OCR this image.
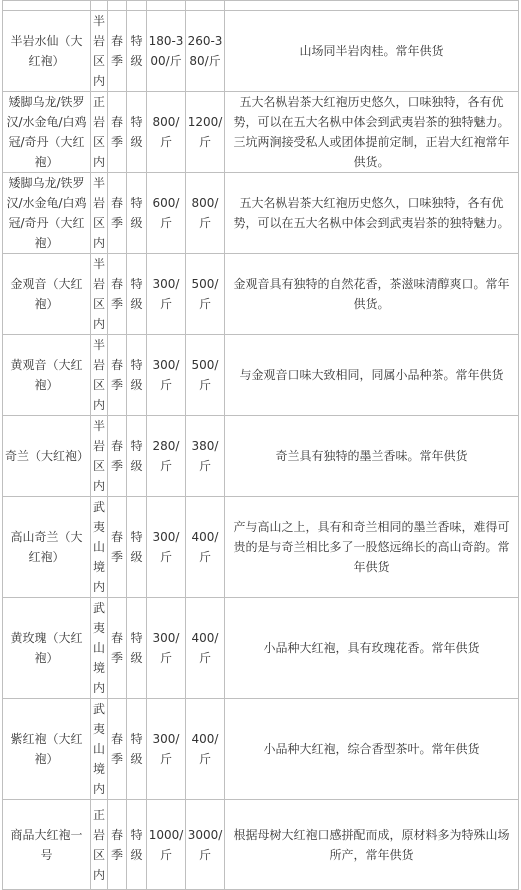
半岩水仙（大红袍）	半岩区内	春季	特级	180-300/斤	260-380/斤	山场同半岩肉桂。常年供货
矮脚乌龙/铁罗汉/水金龟/白鸡冠/奇丹（大红袍）	正岩区内	春季	特级	800/斤	1200/斤	五大名枞岩茶大红袍历史悠久，口味独特，各有优势，可以在五大名枞中体会到武夷岩茶的独特魅力。三坑两涧接受私人或团体提前定制，正岩大红袍常年供货。
矮脚乌龙/铁罗汉/水金龟/白鸡冠/奇丹（大红袍）	半岩区内	春季	特级	600/斤	800/斤	五大名枞岩茶大红袍历史悠久，口味独特，各有优势，可以在五大名枞中体会到武夷岩茶的独特魅力。
金观音（大红袍）	半岩区内	春季	特级	300/斤	500/斤	金观音具有独特的自然花香，茶滋味清醇爽口。常年供货。
黄观音（大红袍）	半岩区内	春季	特级	300/斤	500/斤	与金观音口味大致相同，同属小品种茶。常年供货
奇兰（大红袍）	半岩区内	春季	特级	280/斤	380/斤	奇兰具有独特的墨兰香味。常年供货
高山奇兰（大红袍）	武夷山境内	春季	特级	300/斤	400/斤	产与高山之上，具有和奇兰相同的墨兰香味，难得可贵的是与奇兰相比多了一股悠远绵长的高山奇韵。常年供货
黄玫瑰（大红袍）	武夷山境内	春季	特级	300/斤	400/斤	小品种大红袍，具有玫瑰花香。常年供货
紫红袍（大红袍）	武夷山境内	春季	特级	300/斤	400/斤	小品种大红袍，综合香型茶叶。常年供货
商品大红袍一号	正岩区内	春季	特级	1000/斤	3000/斤	根据母树大红袍口感拼配而成，原材料多为特殊山场所产，常年供货
